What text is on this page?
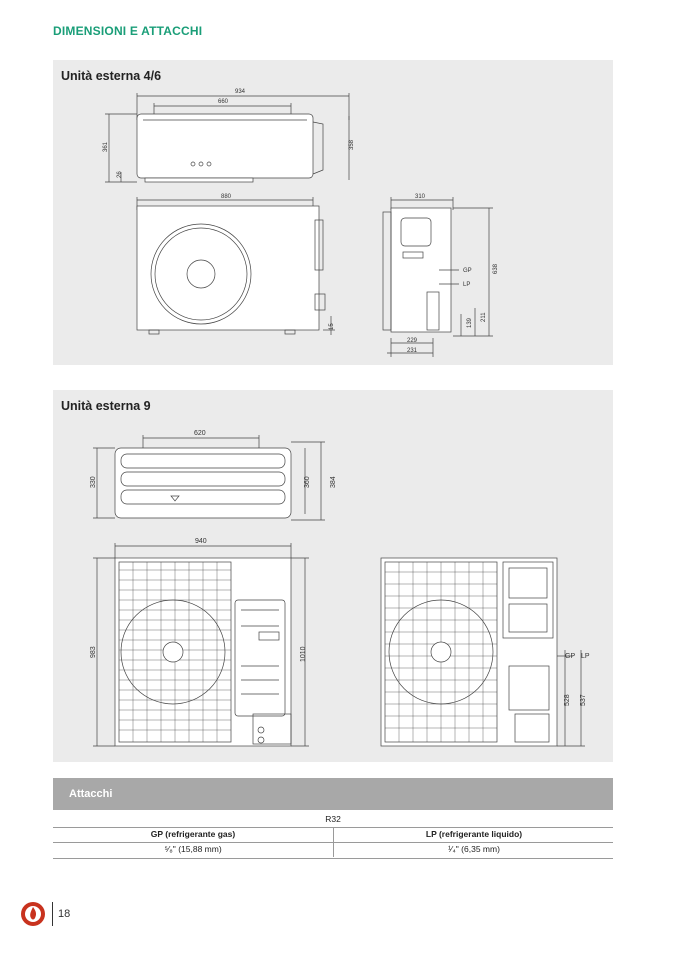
DIMENSIONI E ATTACCHI
Unità esterna 4/6
934
660
361	358
26
880
15
310
638
211
139
229
231
GP
LP
Unità esterna 9
620
330	360	384
940
983	1010	GP LP
528 537
Attacchi
R32
GP (refrigerante gas)	LP (refrigerante liquido)
⁵⁄₈" (15,88 mm)	¹⁄₄" (6,35 mm)
18
